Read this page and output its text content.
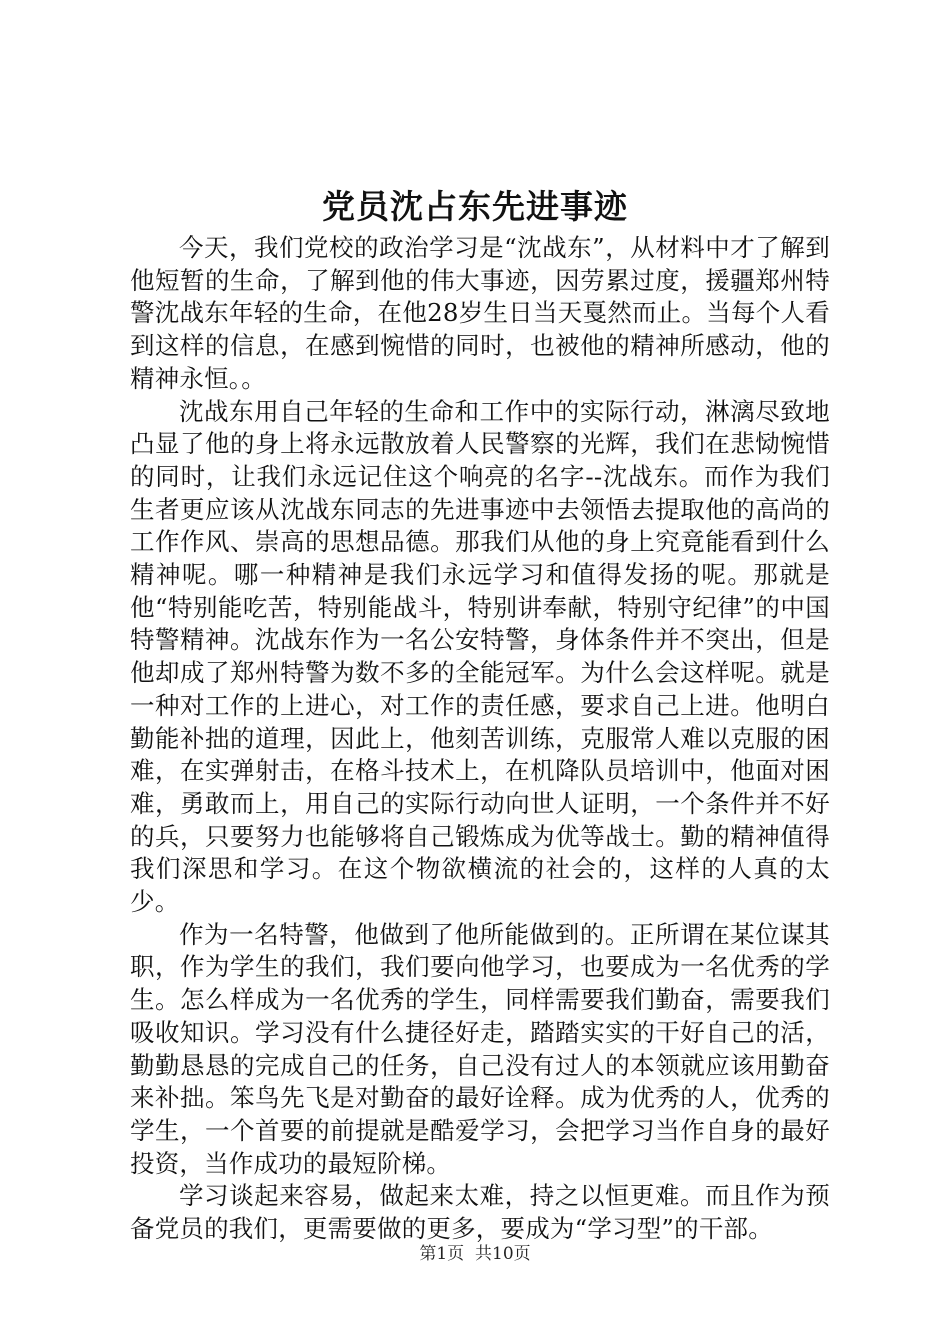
党员沈占东先进事迹

今天，我们党校的政治学习是“沈战东”，从材料中才了解到他短暂的生命，了解到他的伟大事迹，因劳累过度，援疆郑州特警沈战东年轻的生命，在他28岁生日当天戛然而止。当每个人看到这样的信息，在感到惋惜的同时，也被他的精神所感动，他的精神永恒。。

沈战东用自己年轻的生命和工作中的实际行动，淋漓尽致地凸显了他的身上将永远散放着人民警察的光辉，我们在悲恸惋惜的同时，让我们永远记住这个响亮的名字--沈战东。而作为我们生者更应该从沈战东同志的先进事迹中去领悟去提取他的高尚的工作作风、崇高的思想品德。那我们从他的身上究竟能看到什么精神呢。哪一种精神是我们永远学习和值得发扬的呢。那就是他“特别能吃苦，特别能战斗，特别讲奉献，特别守纪律”的中国特警精神。沈战东作为一名公安特警，身体条件并不突出，但是他却成了郑州特警为数不多的全能冠军。为什么会这样呢。就是一种对工作的上进心，对工作的责任感，要求自己上进。他明白勤能补拙的道理，因此上，他刻苦训练，克服常人难以克服的困难，在实弹射击，在格斗技术上，在机降队员培训中，他面对困难，勇敢而上，用自己的实际行动向世人证明，一个条件并不好的兵，只要努力也能够将自己锻炼成为优等战士。勤的精神值得我们深思和学习。在这个物欲横流的社会的，这样的人真的太少。

作为一名特警，他做到了他所能做到的。正所谓在某位谋其职，作为学生的我们，我们要向他学习，也要成为一名优秀的学生。怎么样成为一名优秀的学生，同样需要我们勤奋，需要我们吸收知识。学习没有什么捷径好走，踏踏实实的干好自己的活，勤勤恳恳的完成自己的任务，自己没有过人的本领就应该用勤奋来补拙。笨鸟先飞是对勤奋的最好诠释。成为优秀的人，优秀的学生，一个首要的前提就是酷爱学习，会把学习当作自身的最好投资，当作成功的最短阶梯。

学习谈起来容易，做起来太难，持之以恒更难。而且作为预备党员的我们，更需要做的更多，要成为“学习型”的干部。

第1页 共10页
